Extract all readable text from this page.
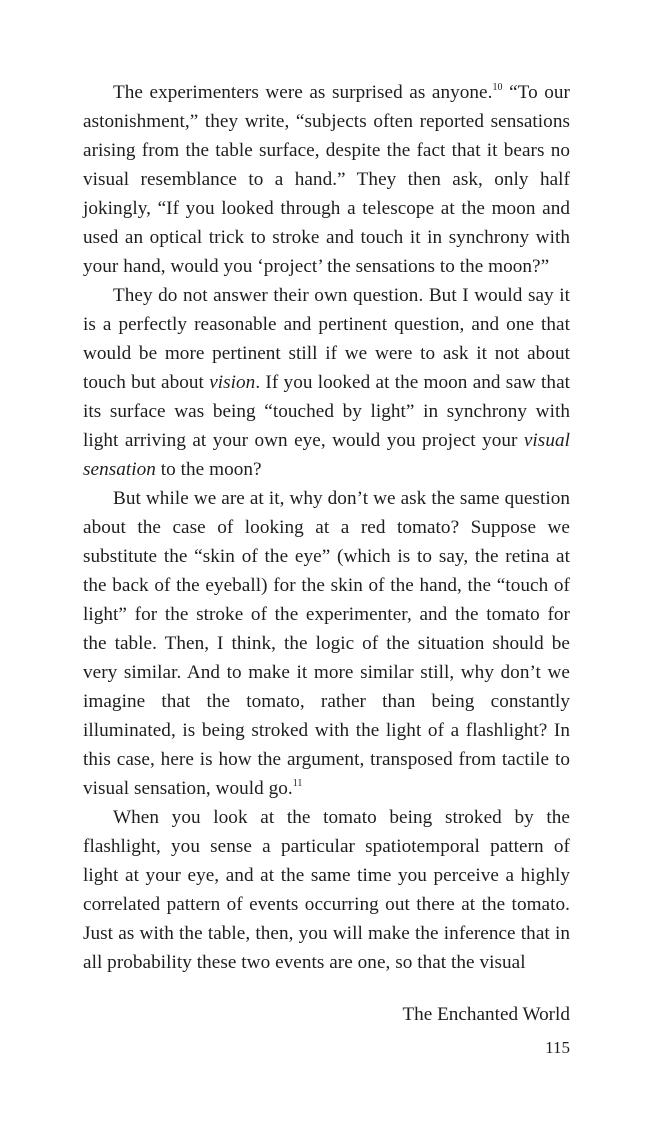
The experimenters were as surprised as anyone.$^{10}$ “To our astonishment,” they write, “subjects often reported sensations arising from the table surface, despite the fact that it bears no visual resemblance to a hand.” They then ask, only half jokingly, “If you looked through a telescope at the moon and used an optical trick to stroke and touch it in synchrony with your hand, would you ‘project’ the sensations to the moon?”

They do not answer their own question. But I would say it is a perfectly reasonable and pertinent question, and one that would be more pertinent still if we were to ask it not about touch but about vision. If you looked at the moon and saw that its surface was being “touched by light” in synchrony with light arriving at your own eye, would you project your visual sensation to the moon?

But while we are at it, why don’t we ask the same question about the case of looking at a red tomato? Suppose we substitute the “skin of the eye” (which is to say, the retina at the back of the eyeball) for the skin of the hand, the “touch of light” for the stroke of the experimenter, and the tomato for the table. Then, I think, the logic of the situation should be very similar. And to make it more similar still, why don’t we imagine that the tomato, rather than being constantly illuminated, is being stroked with the light of a flashlight? In this case, here is how the argument, transposed from tactile to visual sensation, would go.$^{11}$

When you look at the tomato being stroked by the flashlight, you sense a particular spatiotemporal pattern of light at your eye, and at the same time you perceive a highly correlated pattern of events occurring out there at the tomato. Just as with the table, then, you will make the inference that in all probability these two events are one, so that the visual

The Enchanted World
115
